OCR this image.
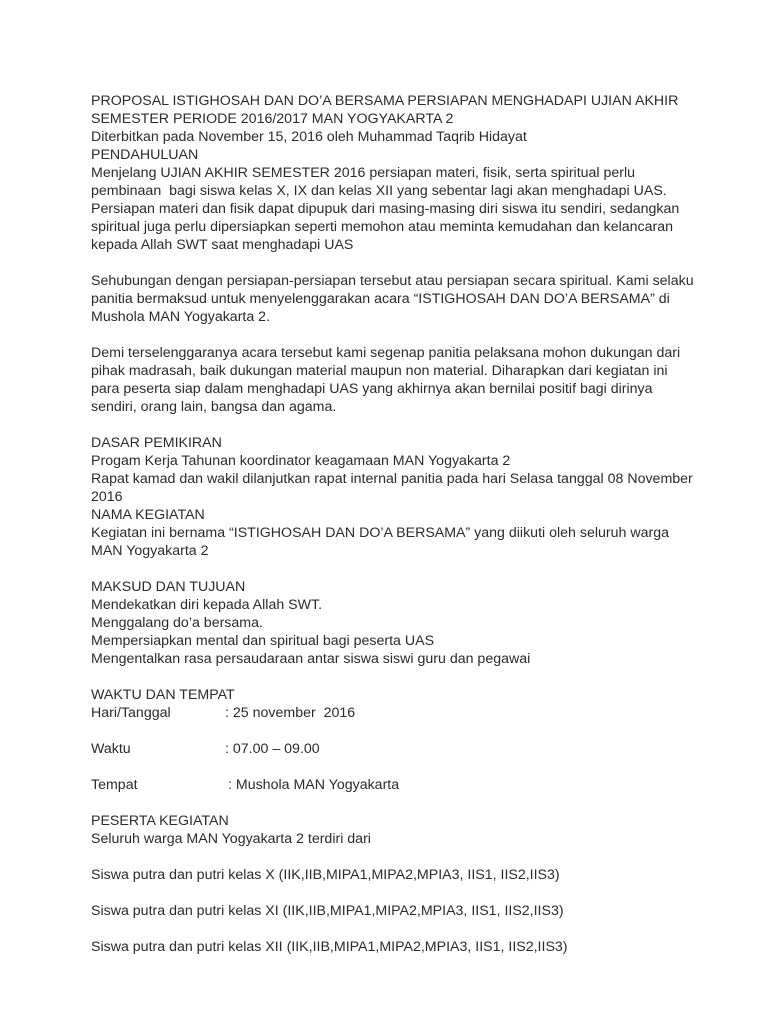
PROPOSAL ISTIGHOSAH DAN DO’A BERSAMA PERSIAPAN MENGHADAPI UJIAN AKHIR
SEMESTER PERIODE 2016/2017 MAN YOGYAKARTA 2
Diterbitkan pada November 15, 2016 oleh Muhammad Taqrib Hidayat
PENDAHULUAN
Menjelang UJIAN AKHIR SEMESTER 2016 persiapan materi, fisik, serta spiritual perlu
pembinaan  bagi siswa kelas X, IX dan kelas XII yang sebentar lagi akan menghadapi UAS.
Persiapan materi dan fisik dapat dipupuk dari masing-masing diri siswa itu sendiri, sedangkan
spiritual juga perlu dipersiapkan seperti memohon atau meminta kemudahan dan kelancaran
kepada Allah SWT saat menghadapi UAS
Sehubungan dengan persiapan-persiapan tersebut atau persiapan secara spiritual. Kami selaku
panitia bermaksud untuk menyelenggarakan acara “ISTIGHOSAH DAN DO’A BERSAMA” di
Mushola MAN Yogyakarta 2.
Demi terselenggaranya acara tersebut kami segenap panitia pelaksana mohon dukungan dari
pihak madrasah, baik dukungan material maupun non material. Diharapkan dari kegiatan ini
para peserta siap dalam menghadapi UAS yang akhirnya akan bernilai positif bagi dirinya
sendiri, orang lain, bangsa dan agama.
DASAR PEMIKIRAN
Progam Kerja Tahunan koordinator keagamaan MAN Yogyakarta 2
Rapat kamad dan wakil dilanjutkan rapat internal panitia pada hari Selasa tanggal 08 November
2016
NAMA KEGIATAN
Kegiatan ini bernama “ISTIGHOSAH DAN DO’A BERSAMA” yang diikuti oleh seluruh warga
MAN Yogyakarta 2
MAKSUD DAN TUJUAN
Mendekatkan diri kepada Allah SWT.
Menggalang do’a bersama.
Mempersiapkan mental dan spiritual bagi peserta UAS
Mengentalkan rasa persaudaraan antar siswa siswi guru dan pegawai
WAKTU DAN TEMPAT
Hari/Tanggal	: 25 november  2016
Waktu	: 07.00 – 09.00
Tempat	: Mushola MAN Yogyakarta
PESERTA KEGIATAN
Seluruh warga MAN Yogyakarta 2 terdiri dari
Siswa putra dan putri kelas X (IIK,IIB,MIPA1,MIPA2,MPIA3, IIS1, IIS2,IIS3)
Siswa putra dan putri kelas XI (IIK,IIB,MIPA1,MIPA2,MPIA3, IIS1, IIS2,IIS3)
Siswa putra dan putri kelas XII (IIK,IIB,MIPA1,MIPA2,MPIA3, IIS1, IIS2,IIS3)
